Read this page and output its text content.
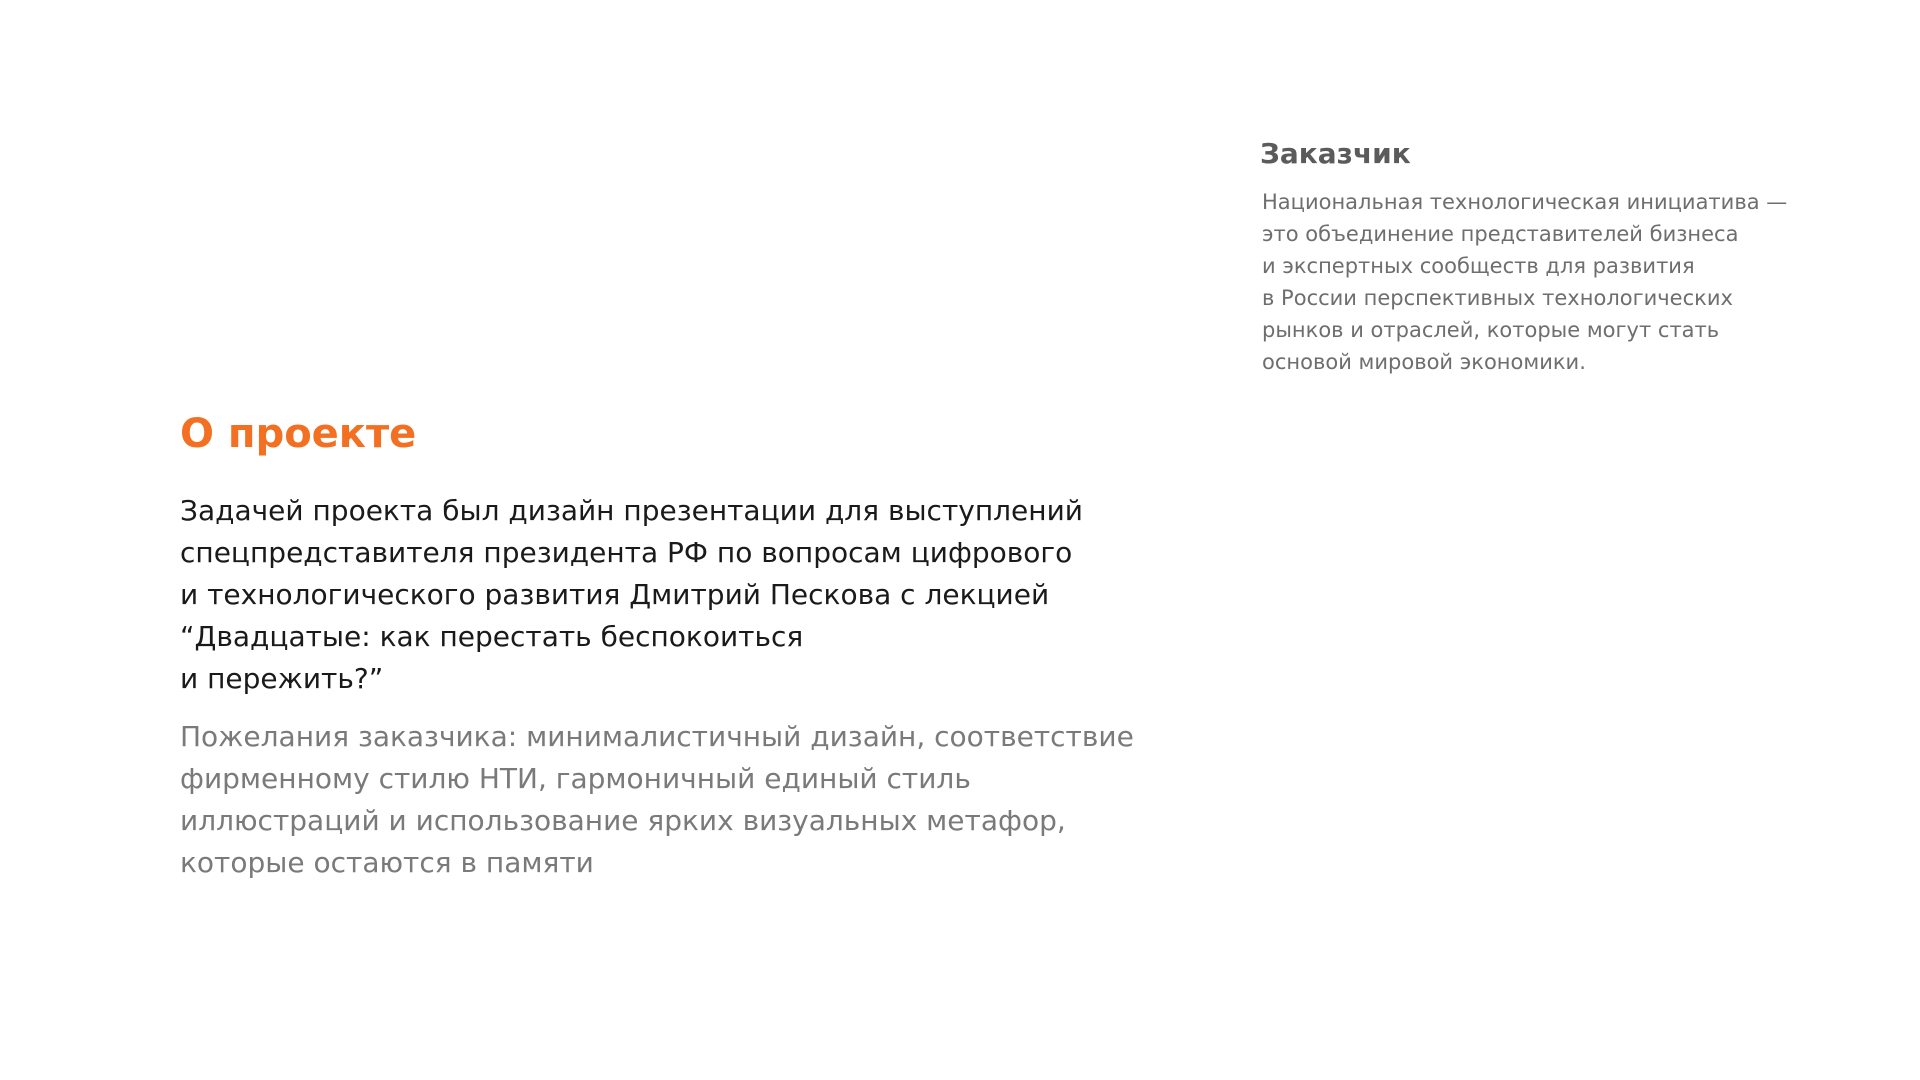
Заказчик

Национальная технологическая инициатива —
это объединение представителей бизнеса
и экспертных сообществ для развития
в России перспективных технологических
рынков и отраслей, которые могут стать
основой мировой экономики.

О проекте

Задачей проекта был дизайн презентации для выступлений
спецпредставителя президента РФ по вопросам цифрового
и технологического развития Дмитрий Пескова с лекцией
“Двадцатые: как перестать беспокоиться
и пережить?”

Пожелания заказчика: минималистичный дизайн, соответствие
фирменному стилю НТИ, гармоничный единый стиль
иллюстраций и использование ярких визуальных метафор,
которые остаются в памяти
